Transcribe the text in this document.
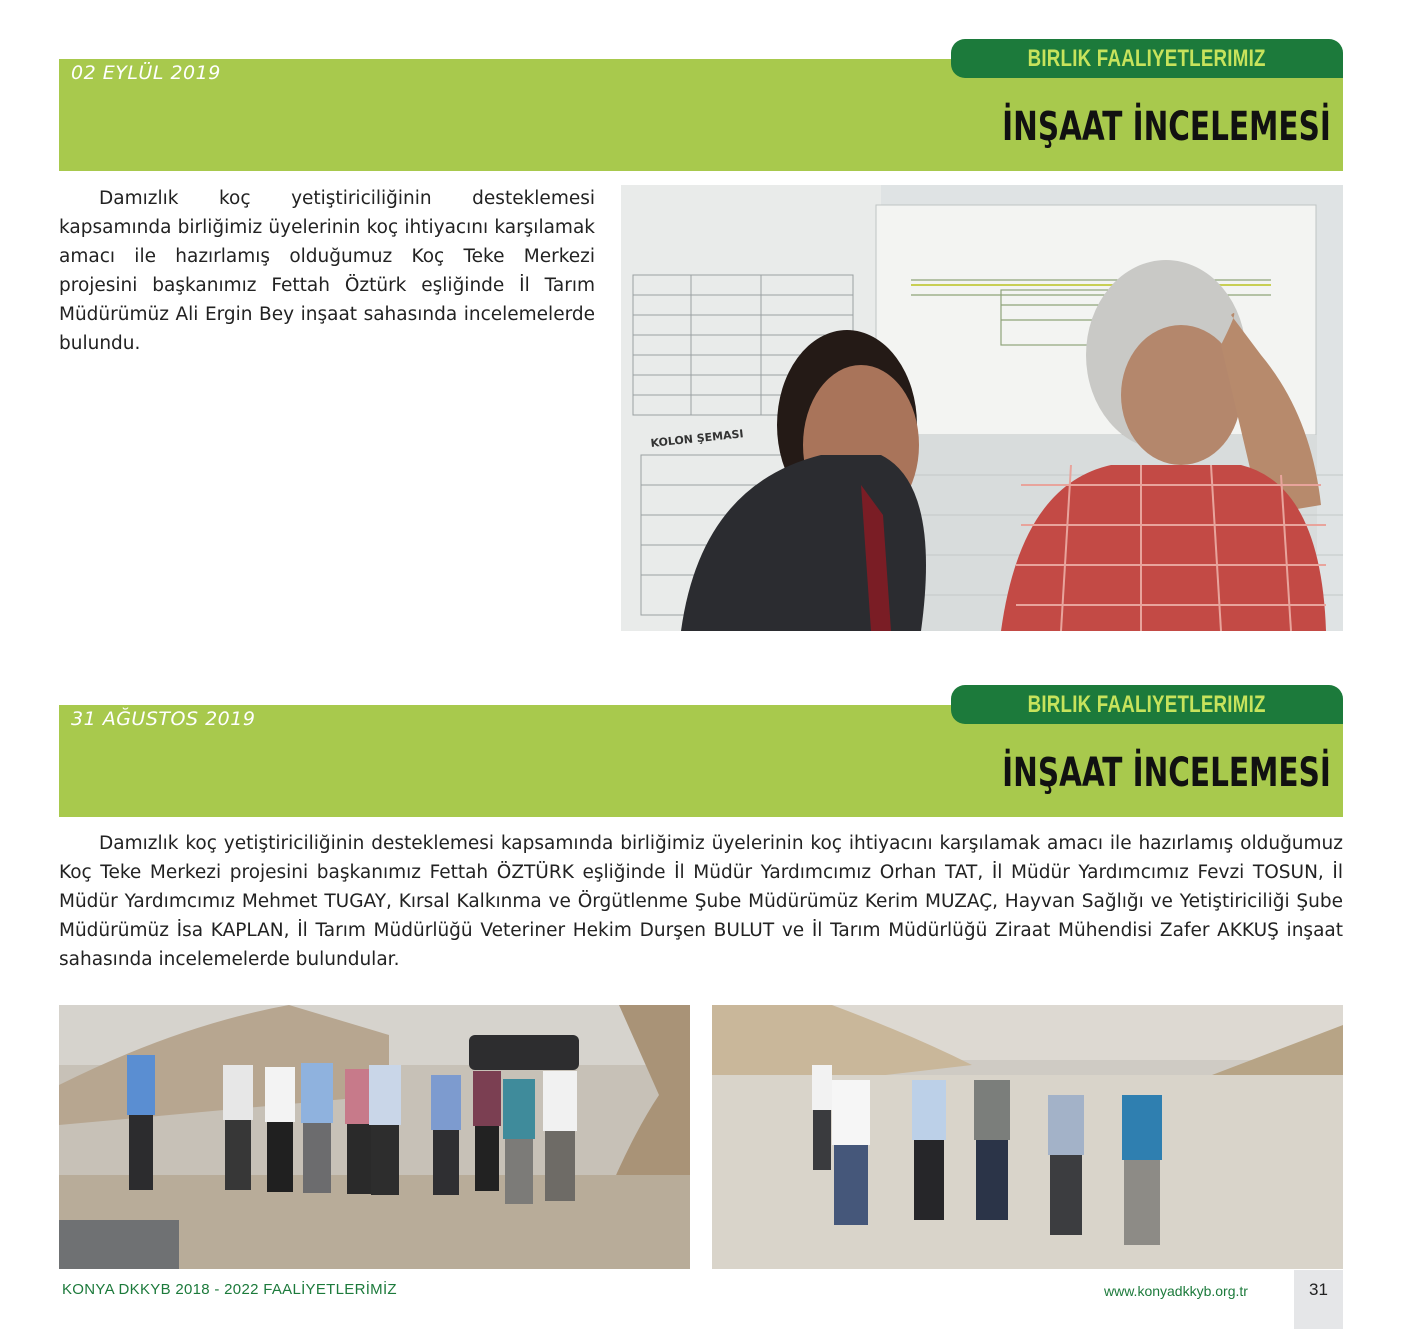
BIRLIK FAALIYETLERIMIZ
02 EYLÜL 2019
İNŞAAT İNCELEMESİ
Damızlık koç yetiştiriciliğinin desteklemesi kapsamında birliğimiz üyelerinin koç ihtiyacını karşılamak amacı ile hazırlamış olduğumuz Koç Teke Merkezi projesini başkanımız Fettah Öztürk eşliğinde İl Tarım Müdürümüz Ali Ergin Bey inşaat sahasında incelemelerde bulundu.
KOLON ŞEMASI
BIRLIK FAALIYETLERIMIZ
31 AĞUSTOS 2019
İNŞAAT İNCELEMESİ
Damızlık koç yetiştiriciliğinin desteklemesi kapsamında birliğimiz üyelerinin koç ihtiyacını karşılamak amacı ile hazırlamış olduğumuz Koç Teke Merkezi projesini başkanımız Fettah ÖZTÜRK eşliğinde İl Müdür Yardımcımız Orhan TAT, İl Müdür Yardımcımız Fevzi TOSUN, İl Müdür Yardımcımız Mehmet TUGAY, Kırsal Kalkınma ve Örgütlenme Şube Müdürümüz Kerim MUZAÇ, Hayvan Sağlığı ve Yetiştiriciliği Şube Müdürümüz İsa KAPLAN, İl Tarım Müdürlüğü Veteriner Hekim Durşen BULUT ve İl Tarım Müdürlüğü Ziraat Mühendisi Zafer AKKUŞ inşaat sahasında incelemelerde bulundular.
KONYA DKKYB 2018 - 2022 FAALİYETLERİMİZ	www.konyadkkyb.org.tr	31
